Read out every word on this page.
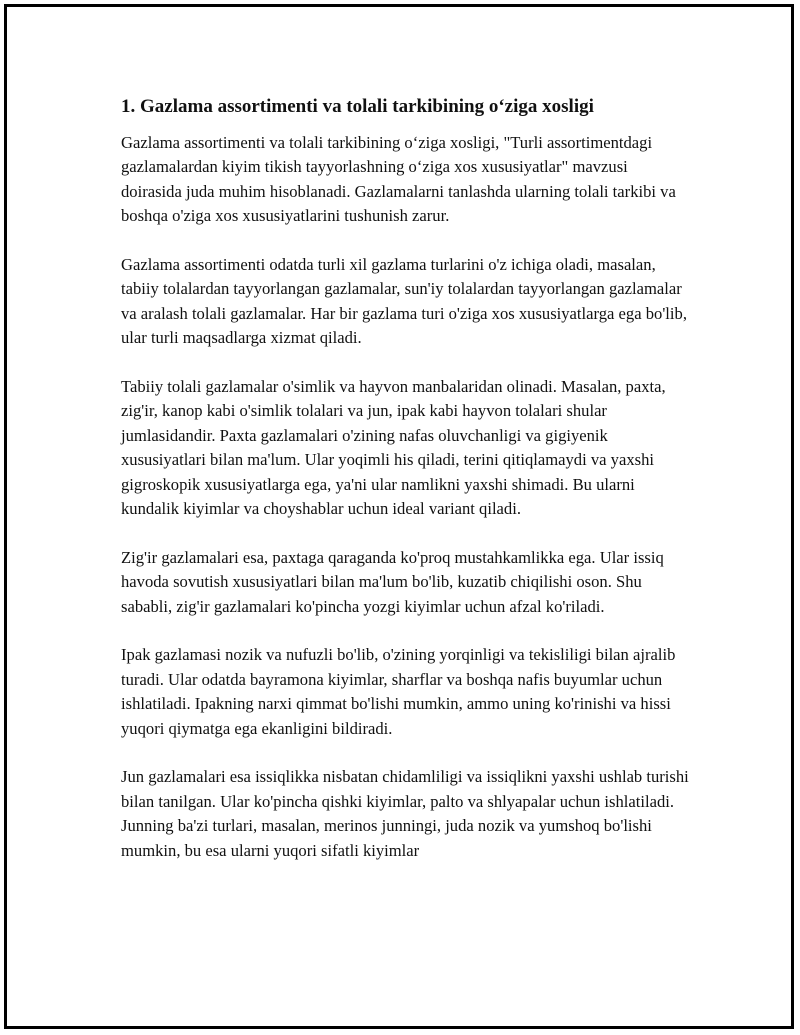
1. Gazlama assortimenti va tolali tarkibining o‘ziga xosligi

Gazlama assortimenti va tolali tarkibining o‘ziga xosligi, "Turli assortimentdagi gazlamalardan kiyim tikish tayyorlashning o‘ziga xos xususiyatlar" mavzusi doirasida juda muhim hisoblanadi. Gazlamalarni tanlashda ularning tolali tarkibi va boshqa o'ziga xos xususiyatlarini tushunish zarur.

Gazlama assortimenti odatda turli xil gazlama turlarini o'z ichiga oladi, masalan, tabiiy tolalardan tayyorlangan gazlamalar, sun'iy tolalardan tayyorlangan gazlamalar va aralash tolali gazlamalar. Har bir gazlama turi o'ziga xos xususiyatlarga ega bo'lib, ular turli maqsadlarga xizmat qiladi.

Tabiiy tolali gazlamalar o'simlik va hayvon manbalaridan olinadi. Masalan, paxta, zig'ir, kanop kabi o'simlik tolalari va jun, ipak kabi hayvon tolalari shular jumlasidandir. Paxta gazlamalari o'zining nafas oluvchanligi va gigiyenik xususiyatlari bilan ma'lum. Ular yoqimli his qiladi, terini qitiqlamaydi va yaxshi gigroskopik xususiyatlarga ega, ya'ni ular namlikni yaxshi shimadi. Bu ularni kundalik kiyimlar va choyshablar uchun ideal variant qiladi.

Zig'ir gazlamalari esa, paxtaga qaraganda ko'proq mustahkamlikka ega. Ular issiq havoda sovutish xususiyatlari bilan ma'lum bo'lib, kuzatib chiqilishi oson. Shu sababli, zig'ir gazlamalari ko'pincha yozgi kiyimlar uchun afzal ko'riladi.

Ipak gazlamasi nozik va nufuzli bo'lib, o'zining yorqinligi va tekisliligi bilan ajralib turadi. Ular odatda bayramona kiyimlar, sharflar va boshqa nafis buyumlar uchun ishlatiladi. Ipakning narxi qimmat bo'lishi mumkin, ammo uning ko'rinishi va hissi yuqori qiymatga ega ekanligini bildiradi.

Jun gazlamalari esa issiqlikka nisbatan chidamliligi va issiqlikni yaxshi ushlab turishi bilan tanilgan. Ular ko'pincha qishki kiyimlar, palto va shlyapalar uchun ishlatiladi. Junning ba'zi turlari, masalan, merinos junningi, juda nozik va yumshoq bo'lishi mumkin, bu esa ularni yuqori sifatli kiyimlar
